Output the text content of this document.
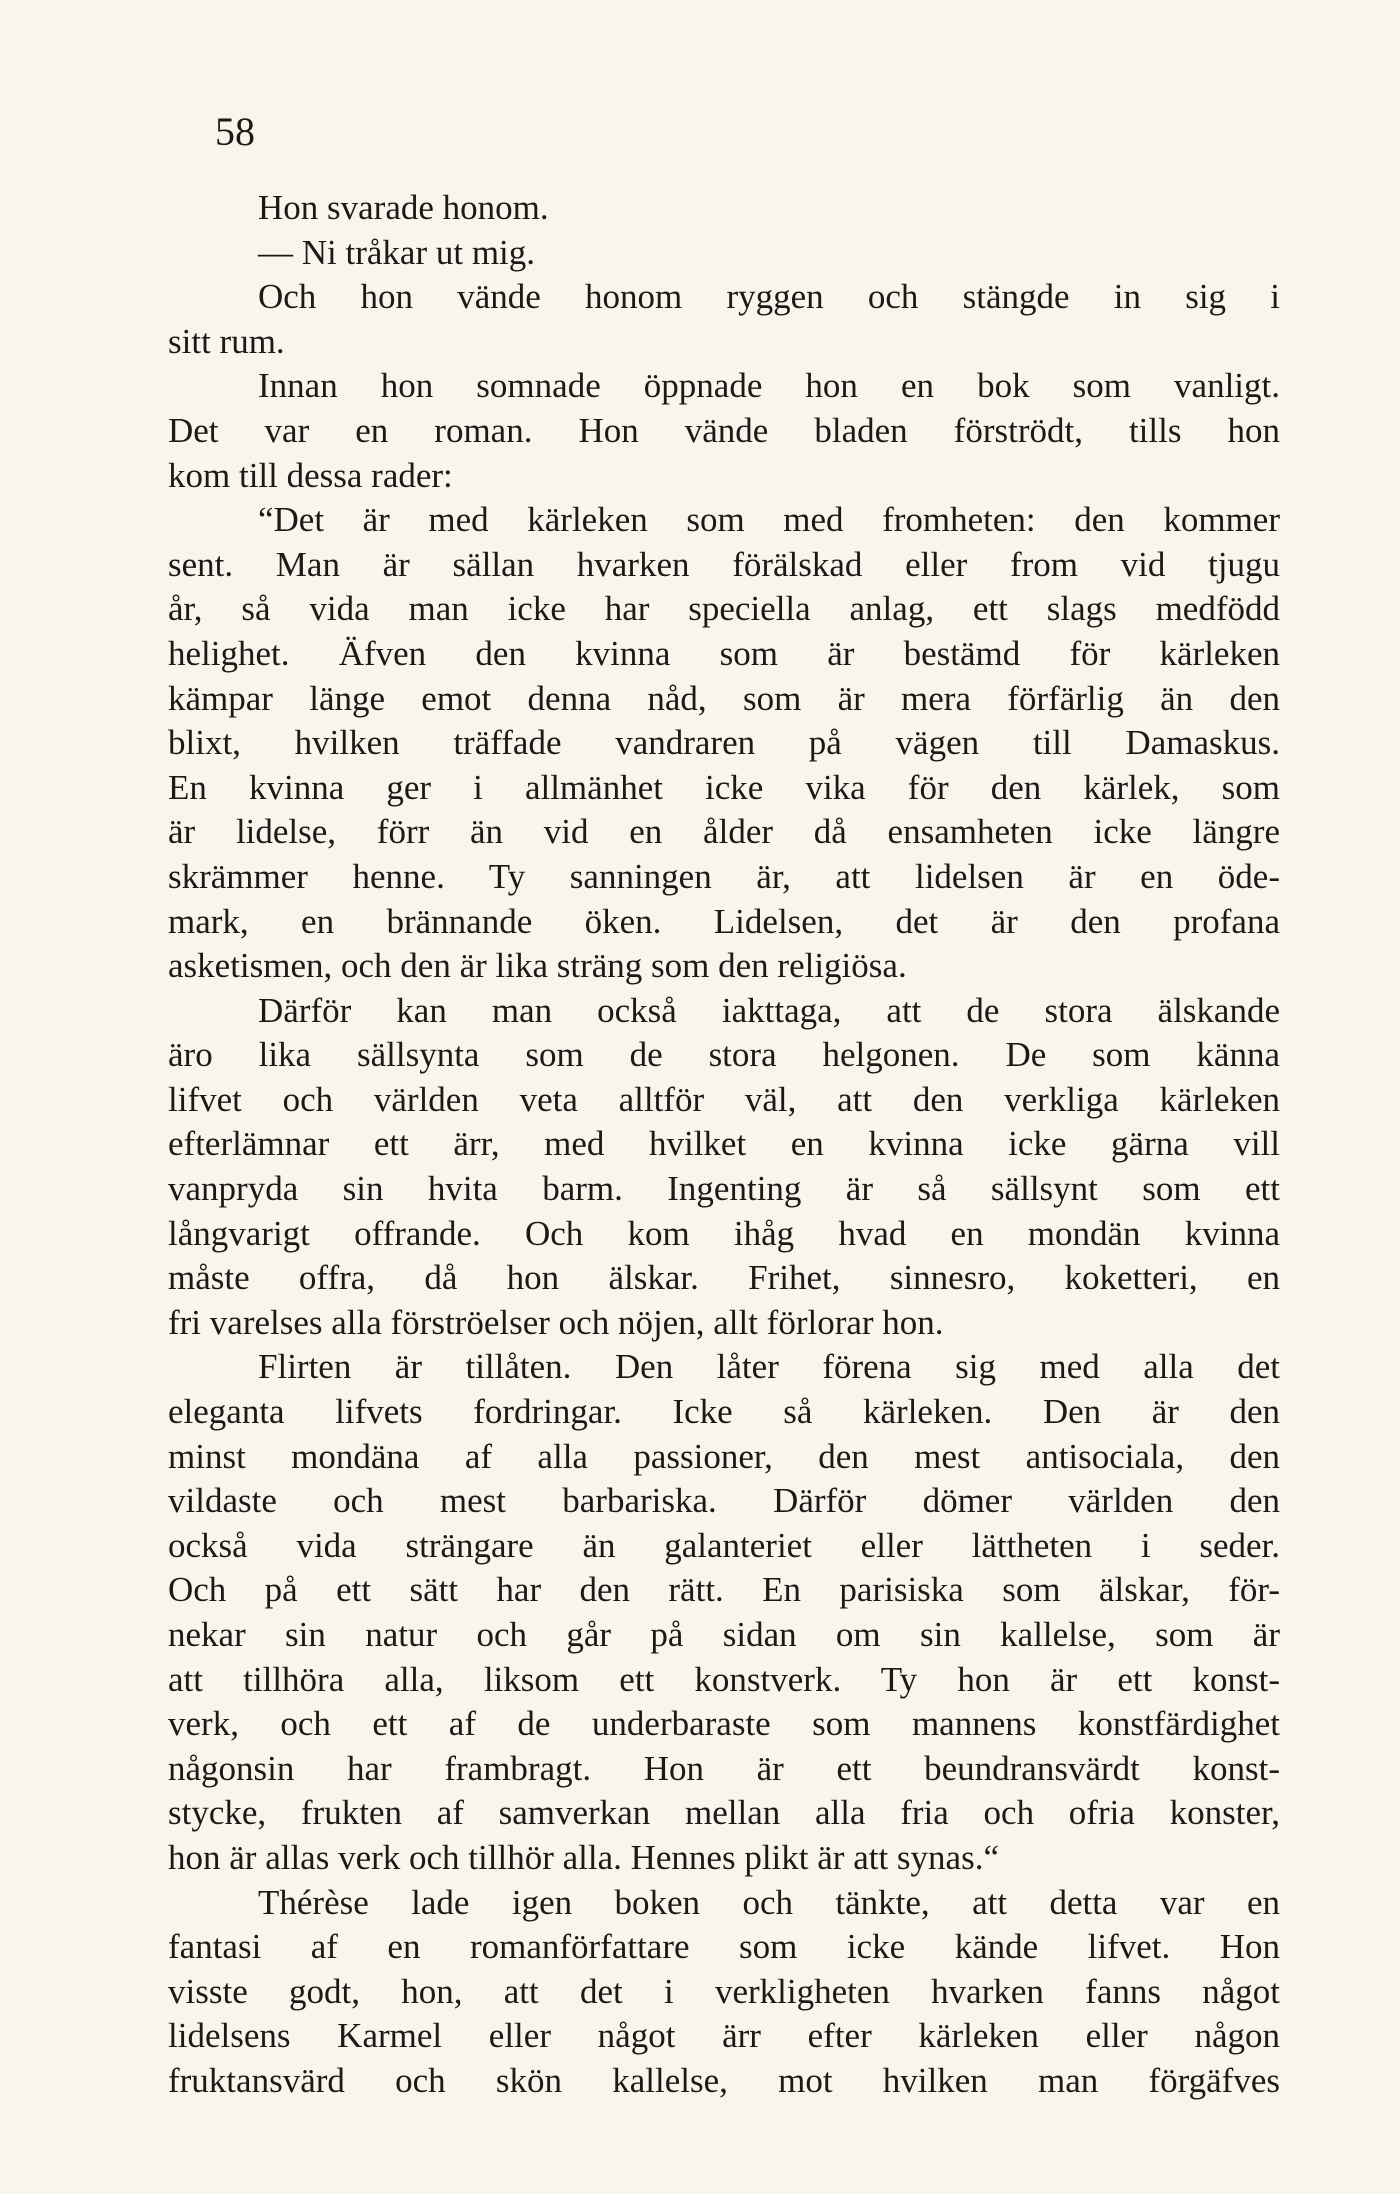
58
Hon svarade honom.
— Ni tråkar ut mig.
Och hon vände honom ryggen och stängde in sig i
sitt rum.
Innan hon somnade öppnade hon en bok som vanligt.
Det var en roman. Hon vände bladen förströdt, tills hon
kom till dessa rader:
“Det är med kärleken som med fromheten: den kommer
sent. Man är sällan hvarken förälskad eller from vid tjugu
år, så vida man icke har speciella anlag, ett slags medfödd
helighet. Äfven den kvinna som är bestämd för kärleken
kämpar länge emot denna nåd, som är mera förfärlig än den
blixt, hvilken träffade vandraren på vägen till Damaskus.
En kvinna ger i allmänhet icke vika för den kärlek, som
är lidelse, förr än vid en ålder då ensamheten icke längre
skrämmer henne. Ty sanningen är, att lidelsen är en öde-
mark, en brännande öken. Lidelsen, det är den profana
asketismen, och den är lika sträng som den religiösa.
Därför kan man också iakttaga, att de stora älskande
äro lika sällsynta som de stora helgonen. De som känna
lifvet och världen veta alltför väl, att den verkliga kärleken
efterlämnar ett ärr, med hvilket en kvinna icke gärna vill
vanpryda sin hvita barm. Ingenting är så sällsynt som ett
långvarigt offrande. Och kom ihåg hvad en mondän kvinna
måste offra, då hon älskar. Frihet, sinnesro, koketteri, en
fri varelses alla förströelser och nöjen, allt förlorar hon.
Flirten är tillåten. Den låter förena sig med alla det
eleganta lifvets fordringar. Icke så kärleken. Den är den
minst mondäna af alla passioner, den mest antisociala, den
vildaste och mest barbariska. Därför dömer världen den
också vida strängare än galanteriet eller lättheten i seder.
Och på ett sätt har den rätt. En parisiska som älskar, för-
nekar sin natur och går på sidan om sin kallelse, som är
att tillhöra alla, liksom ett konstverk. Ty hon är ett konst-
verk, och ett af de underbaraste som mannens konstfärdighet
någonsin har frambragt. Hon är ett beundransvärdt konst-
stycke, frukten af samverkan mellan alla fria och ofria konster,
hon är allas verk och tillhör alla. Hennes plikt är att synas.“
Thérèse lade igen boken och tänkte, att detta var en
fantasi af en romanförfattare som icke kände lifvet. Hon
visste godt, hon, att det i verkligheten hvarken fanns något
lidelsens Karmel eller något ärr efter kärleken eller någon
fruktansvärd och skön kallelse, mot hvilken man förgäfves
